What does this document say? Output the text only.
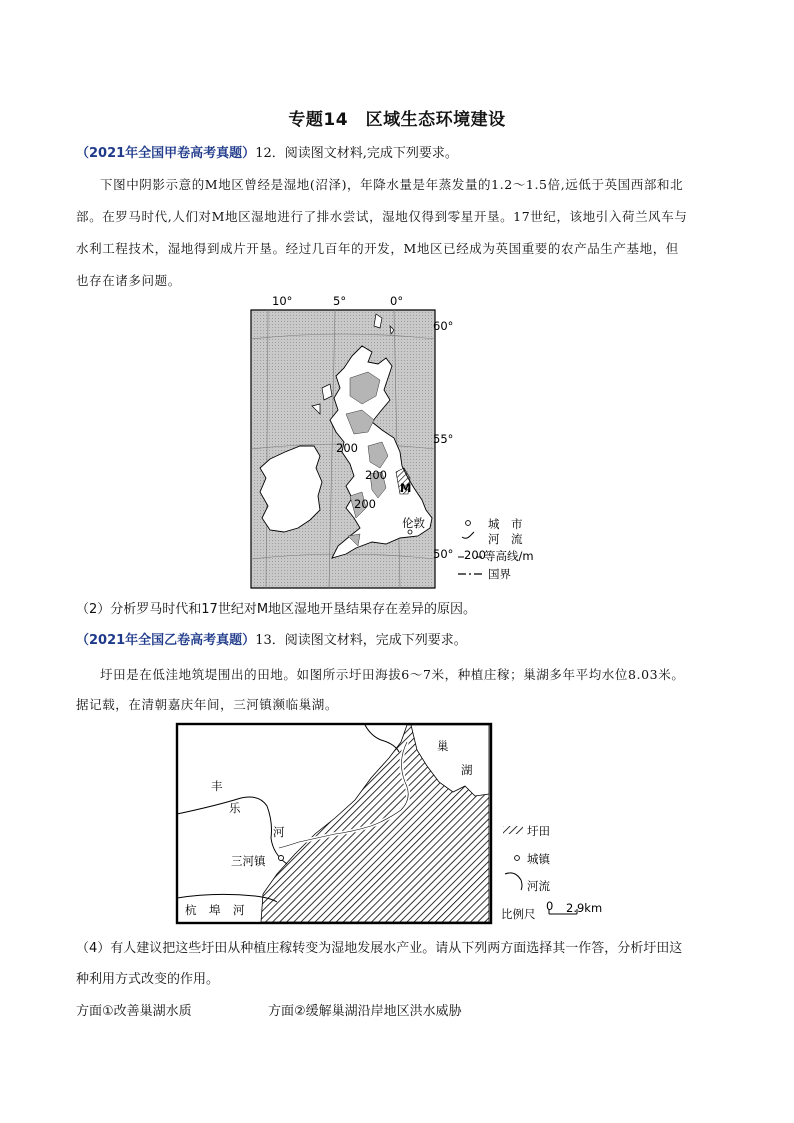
专题14　区域生态环境建设
（2021年全国甲卷高考真题）12．阅读图文材料,完成下列要求。
下图中阴影示意的M地区曾经是湿地(沼泽)，年降水量是年蒸发量的1.2～1.5倍,远低于英国西部和北
部。在罗马时代,人们对M地区湿地进行了排水尝试，湿地仅得到零星开垦。17世纪，该地引入荷兰风车与
水利工程技术，湿地得到成片开垦。经过几百年的开发，M地区已经成为英国重要的农产品生产基地，但
也存在诸多问题。
200
200
200
M
伦敦
10°	5°	0°
60°
55°
50°
城　市
河　流
200
等高线/m
国界
（2）分析罗马时代和17世纪对M地区湿地开垦结果存在差异的原因。
（2021年全国乙卷高考真题）13．阅读图文材料，完成下列要求。
圩田是在低洼地筑堤围出的田地。如图所示圩田海拔6～7米，种植庄稼；巢湖多年平均水位8.03米。
据记载，在清朝嘉庆年间，三河镇濒临巢湖。
三河镇
巢
湖
丰
乐
河
杭 埠 河
圩田
城镇
河流
比例尺
0 2.9km
（4）有人建议把这些圩田从种植庄稼转变为湿地发展水产业。请从下列两方面选择其一作答，分析圩田这
种利用方式改变的作用。
方面①改善巢湖水质	方面②缓解巢湖沿岸地区洪水威胁
